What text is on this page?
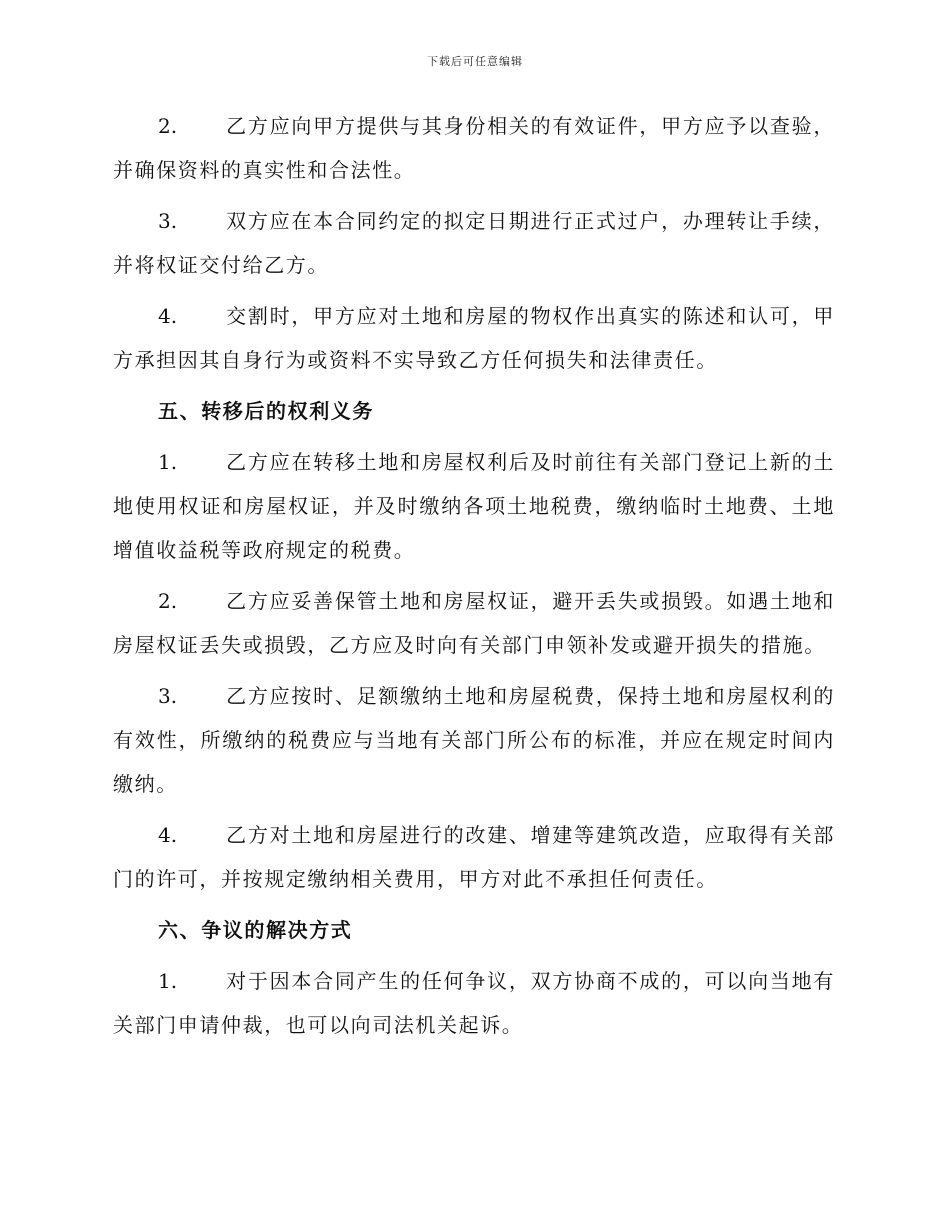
下载后可任意编辑

2. 乙方应向甲方提供与其身份相关的有效证件，甲方应予以查验，并确保资料的真实性和合法性。

3. 双方应在本合同约定的拟定日期进行正式过户，办理转让手续，并将权证交付给乙方。

4. 交割时，甲方应对土地和房屋的物权作出真实的陈述和认可，甲方承担因其自身行为或资料不实导致乙方任何损失和法律责任。

五、转移后的权利义务

1. 乙方应在转移土地和房屋权利后及时前往有关部门登记上新的土地使用权证和房屋权证，并及时缴纳各项土地税费，缴纳临时土地费、土地增值收益税等政府规定的税费。

2. 乙方应妥善保管土地和房屋权证，避开丢失或损毁。如遇土地和房屋权证丢失或损毁，乙方应及时向有关部门申领补发或避开损失的措施。

3. 乙方应按时、足额缴纳土地和房屋税费，保持土地和房屋权利的有效性，所缴纳的税费应与当地有关部门所公布的标准，并应在规定时间内缴纳。

4. 乙方对土地和房屋进行的改建、增建等建筑改造，应取得有关部门的许可，并按规定缴纳相关费用，甲方对此不承担任何责任。

六、争议的解决方式

1. 对于因本合同产生的任何争议，双方协商不成的，可以向当地有关部门申请仲裁，也可以向司法机关起诉。
